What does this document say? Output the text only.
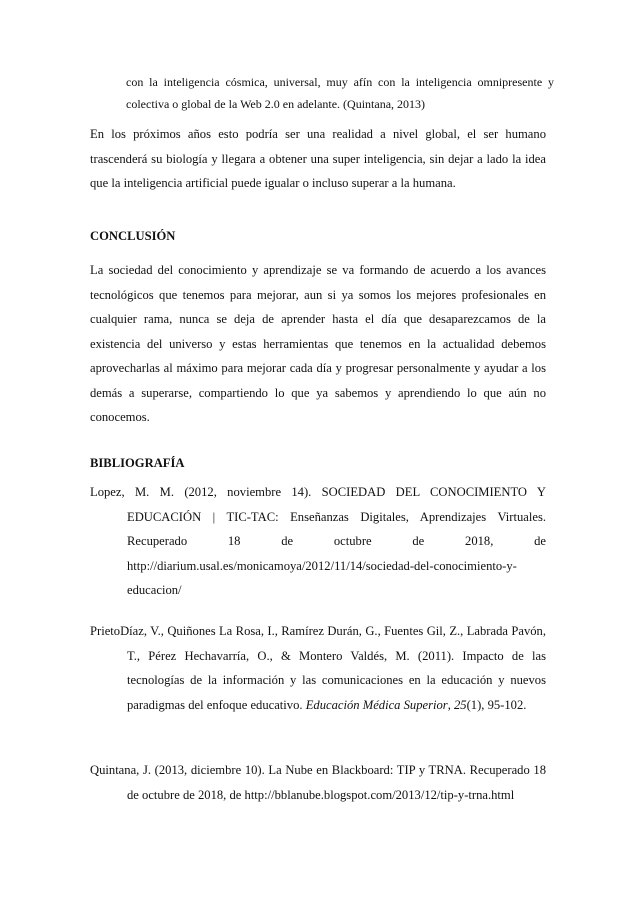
con la inteligencia cósmica, universal, muy afín con la inteligencia omnipresente y colectiva o global de la Web 2.0 en adelante. (Quintana, 2013)
En los próximos años esto podría ser una realidad a nivel global, el ser humano trascenderá su biología y llegara a obtener una super inteligencia, sin dejar a lado la idea que la inteligencia artificial puede igualar o incluso superar a la humana.
CONCLUSIÓN
La sociedad del conocimiento y aprendizaje se va formando de acuerdo a los avances tecnológicos que tenemos para mejorar, aun si ya somos los mejores profesionales en cualquier rama, nunca se deja de aprender hasta el día que desaparezcamos de la existencia del universo y estas herramientas que tenemos en la actualidad debemos aprovecharlas al máximo para mejorar cada día y progresar personalmente y ayudar a los demás a superarse, compartiendo lo que ya sabemos y aprendiendo lo que aún no conocemos.
BIBLIOGRAFÍA
Lopez, M. M. (2012, noviembre 14). SOCIEDAD DEL CONOCIMIENTO Y EDUCACIÓN | TIC-TAC: Enseñanzas Digitales, Aprendizajes Virtuales. Recuperado 18 de octubre de 2018, de http://diarium.usal.es/monicamoya/2012/11/14/sociedad-del-conocimiento-y-educacion/
PrietoDíaz, V., Quiñones La Rosa, I., Ramírez Durán, G., Fuentes Gil, Z., Labrada Pavón, T., Pérez Hechavarría, O., & Montero Valdés, M. (2011). Impacto de las tecnologías de la información y las comunicaciones en la educación y nuevos paradigmas del enfoque educativo. Educación Médica Superior, 25(1), 95-102.
Quintana, J. (2013, diciembre 10). La Nube en Blackboard: TIP y TRNA. Recuperado 18 de octubre de 2018, de http://bblanube.blogspot.com/2013/12/tip-y-trna.html
